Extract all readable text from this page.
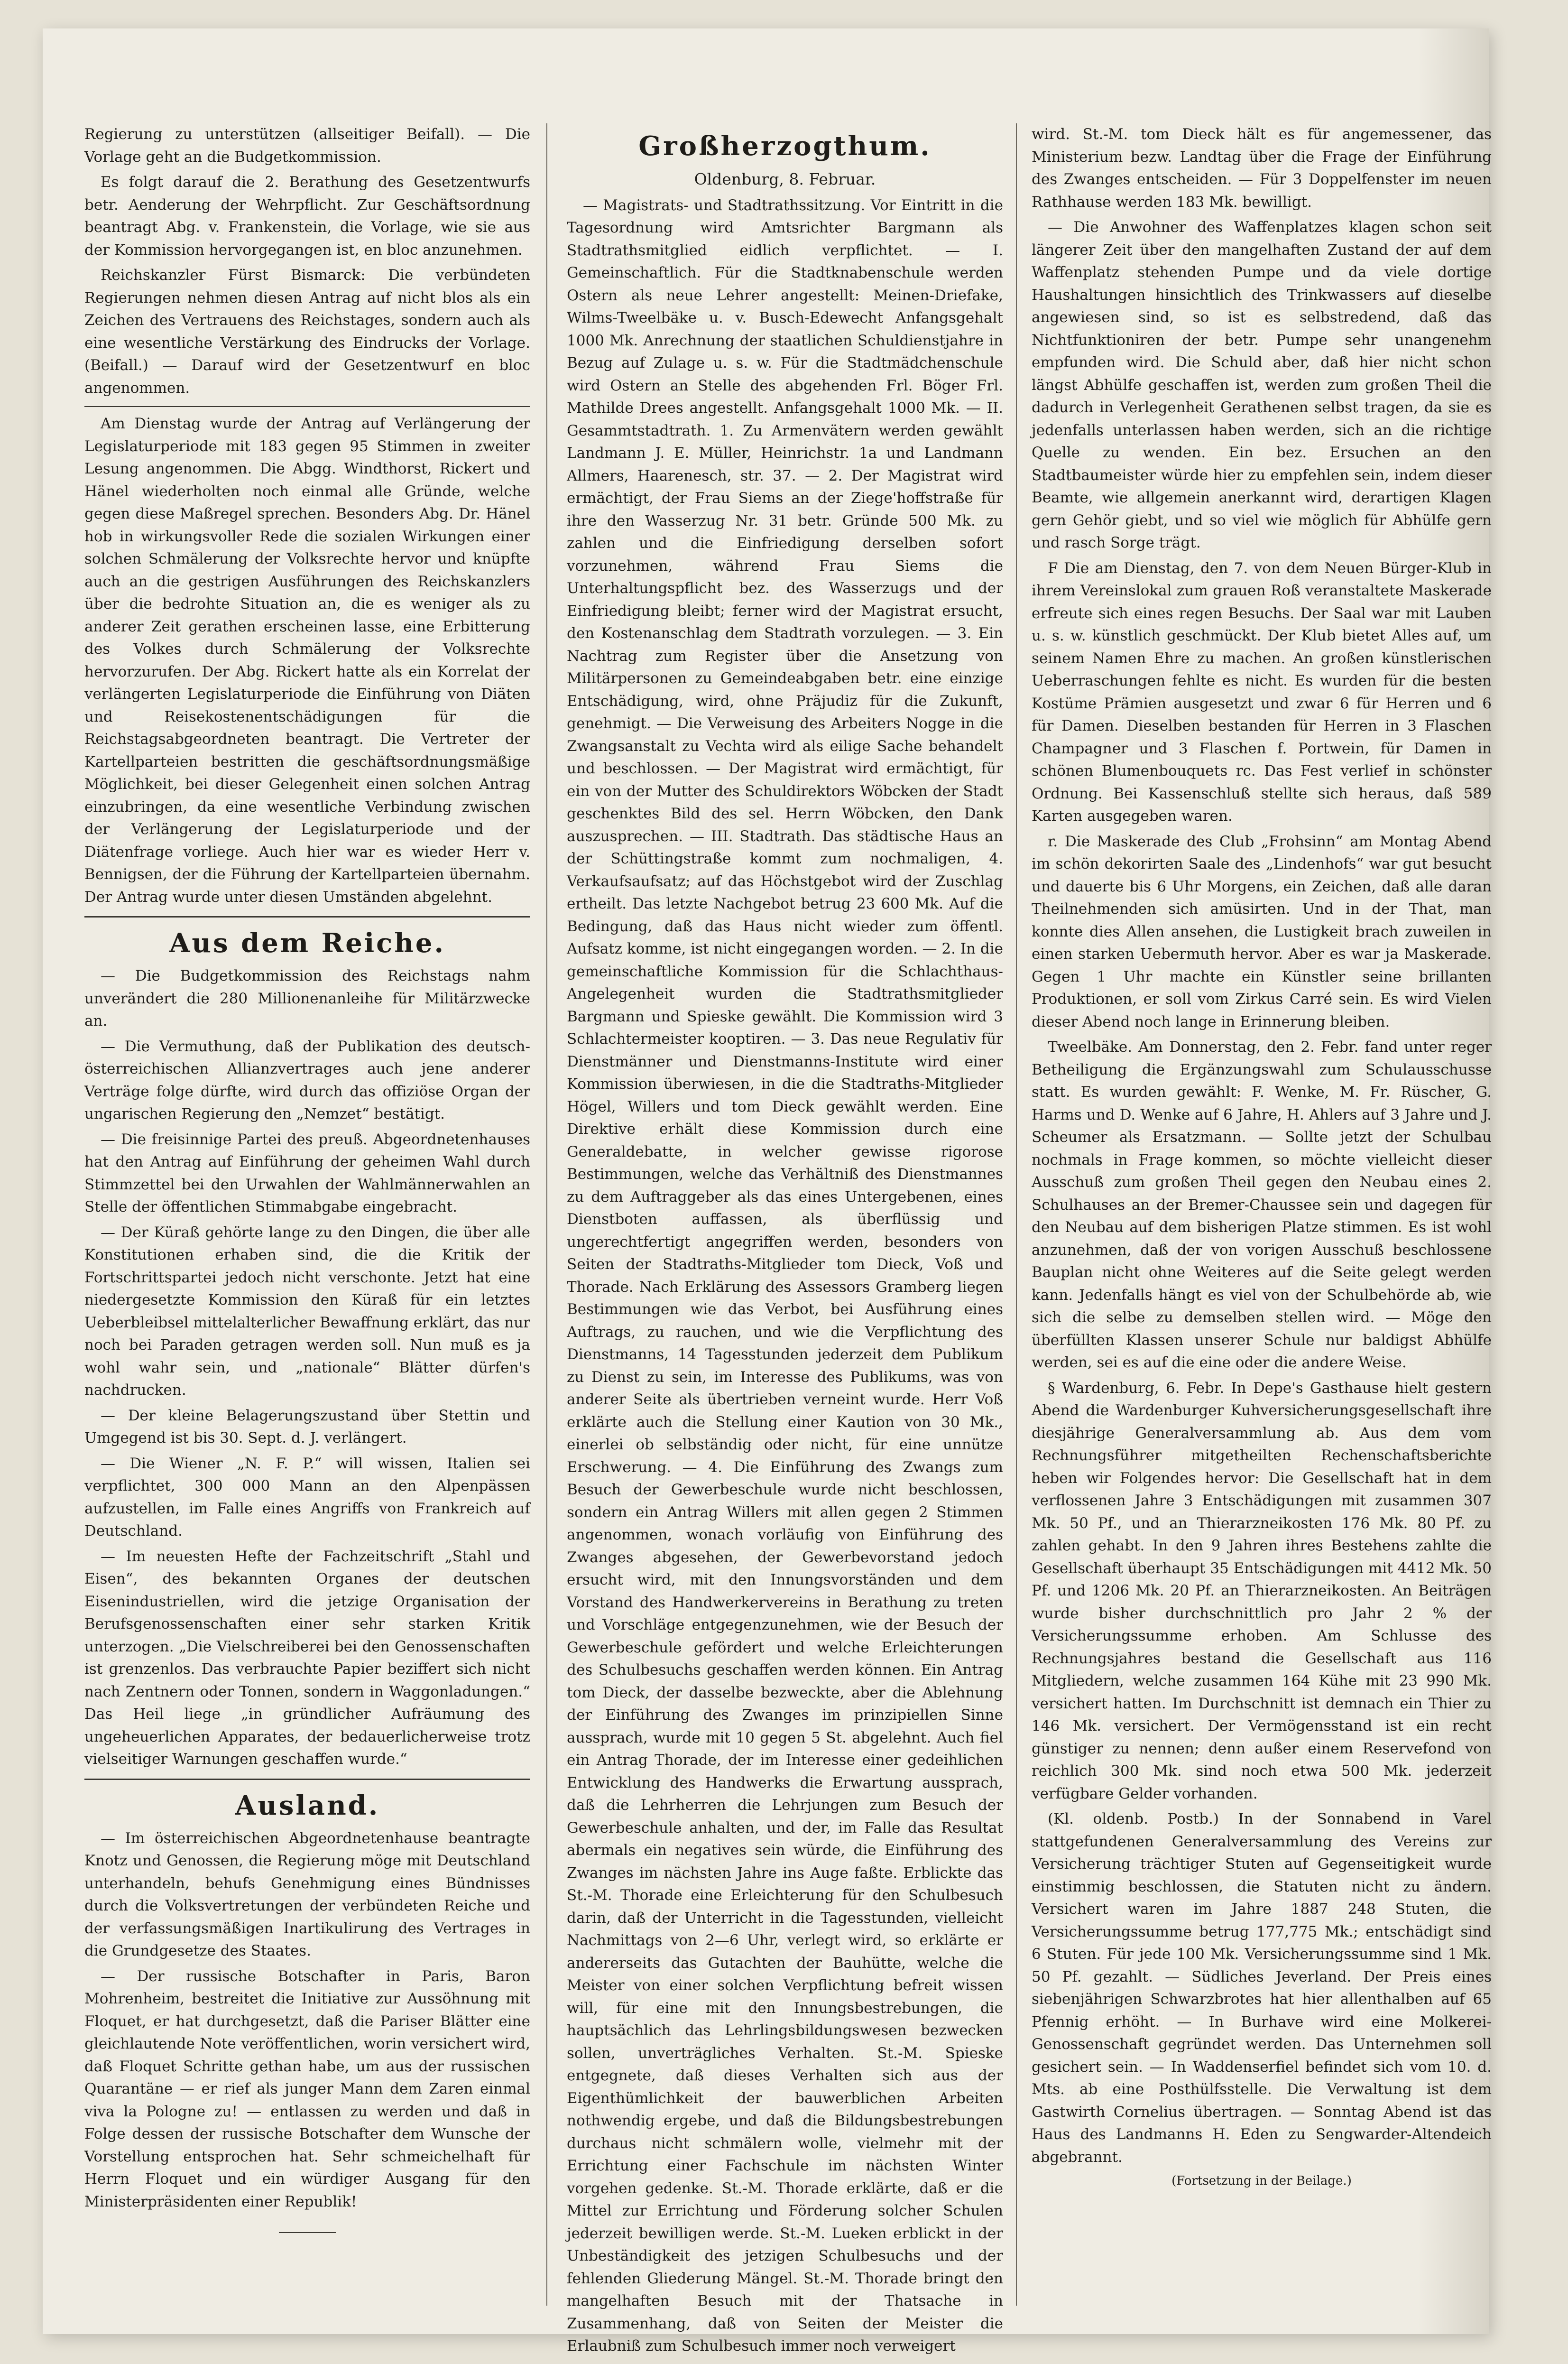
Regierung zu unterstützen (allseitiger Beifall). — Die Vorlage geht an die Budgetkommission.

Es folgt darauf die 2. Berathung des Gesetzentwurfs betr. Aenderung der Wehrpflicht. Zur Geschäftsordnung beantragt Abg. v. Frankenstein, die Vorlage, wie sie aus der Kommission hervorgegangen ist, en bloc anzunehmen.

Reichskanzler Fürst Bismarck: Die verbündeten Regierungen nehmen diesen Antrag auf nicht blos als ein Zeichen des Vertrauens des Reichstages, sondern auch als eine wesentliche Verstärkung des Eindrucks der Vorlage. (Beifall.) — Darauf wird der Gesetzentwurf en bloc angenommen.

Am Dienstag wurde der Antrag auf Verlängerung der Legislaturperiode mit 183 gegen 95 Stimmen in zweiter Lesung angenommen. Die Abgg. Windthorst, Rickert und Hänel wiederholten noch einmal alle Gründe, welche gegen diese Maßregel sprechen. Besonders Abg. Dr. Hänel hob in wirkungsvoller Rede die sozialen Wirkungen einer solchen Schmälerung der Volksrechte hervor und knüpfte auch an die gestrigen Ausführungen des Reichskanzlers über die bedrohte Situation an, die es weniger als zu anderer Zeit gerathen erscheinen lasse, eine Erbitterung des Volkes durch Schmälerung der Volksrechte hervorzurufen. Der Abg. Rickert hatte als ein Korrelat der verlängerten Legislaturperiode die Einführung von Diäten und Reisekostenentschädigungen für die Reichstagsabgeordneten beantragt. Die Vertreter der Kartellparteien bestritten die geschäftsordnungsmäßige Möglichkeit, bei dieser Gelegenheit einen solchen Antrag einzubringen, da eine wesentliche Verbindung zwischen der Verlängerung der Legislaturperiode und der Diätenfrage vorliege. Auch hier war es wieder Herr v. Bennigsen, der die Führung der Kartellparteien übernahm. Der Antrag wurde unter diesen Umständen abgelehnt.

Aus dem Reiche.

— Die Budgetkommission des Reichstags nahm unverändert die 280 Millionenanleihe für Militärzwecke an.

— Die Vermuthung, daß der Publikation des deutsch-österreichischen Allianzvertrages auch jene anderer Verträge folge dürfte, wird durch das offiziöse Organ der ungarischen Regierung den „Nemzet“ bestätigt.

— Die freisinnige Partei des preuß. Abgeordnetenhauses hat den Antrag auf Einführung der geheimen Wahl durch Stimmzettel bei den Urwahlen der Wahlmännerwahlen an Stelle der öffentlichen Stimmabgabe eingebracht.

— Der Küraß gehörte lange zu den Dingen, die über alle Konstitutionen erhaben sind, die die Kritik der Fortschrittspartei jedoch nicht verschonte. Jetzt hat eine niedergesetzte Kommission den Küraß für ein letztes Ueberbleibsel mittelalterlicher Bewaffnung erklärt, das nur noch bei Paraden getragen werden soll. Nun muß es ja wohl wahr sein, und „nationale“ Blätter dürfen's nachdrucken.

— Der kleine Belagerungszustand über Stettin und Umgegend ist bis 30. Sept. d. J. verlängert.

— Die Wiener „N. F. P.“ will wissen, Italien sei verpflichtet, 300 000 Mann an den Alpenpässen aufzustellen, im Falle eines Angriffs von Frankreich auf Deutschland.

— Im neuesten Hefte der Fachzeitschrift „Stahl und Eisen“, des bekannten Organes der deutschen Eisenindustriellen, wird die jetzige Organisation der Berufsgenossenschaften einer sehr starken Kritik unterzogen. „Die Vielschreiberei bei den Genossenschaften ist grenzenlos. Das verbrauchte Papier beziffert sich nicht nach Zentnern oder Tonnen, sondern in Waggonladungen.“ Das Heil liege „in gründlicher Aufräumung des ungeheuerlichen Apparates, der bedauerlicherweise trotz vielseitiger Warnungen geschaffen wurde.“

Ausland.

— Im österreichischen Abgeordnetenhause beantragte Knotz und Genossen, die Regierung möge mit Deutschland unterhandeln, behufs Genehmigung eines Bündnisses durch die Volksvertretungen der verbündeten Reiche und der verfassungsmäßigen Inartikulirung des Vertrages in die Grundgesetze des Staates.

— Der russische Botschafter in Paris, Baron Mohrenheim, bestreitet die Initiative zur Aussöhnung mit Floquet, er hat durchgesetzt, daß die Pariser Blätter eine gleichlautende Note veröffentlichen, worin versichert wird, daß Floquet Schritte gethan habe, um aus der russischen Quarantäne — er rief als junger Mann dem Zaren einmal viva la Pologne zu! — entlassen zu werden und daß in Folge dessen der russische Botschafter dem Wunsche der Vorstellung entsprochen hat. Sehr schmeichelhaft für Herrn Floquet und ein würdiger Ausgang für den Ministerpräsidenten einer Republik!

Großherzogthum.
Oldenburg, 8. Februar.

— Magistrats- und Stadtrathssitzung. Vor Eintritt in die Tagesordnung wird Amtsrichter Bargmann als Stadtrathsmitglied eidlich verpflichtet. — I. Gemeinschaftlich. Für die Stadtknabenschule werden Ostern als neue Lehrer angestellt: Meinen-Driefake, Wilms-Tweelbäke u. v. Busch-Edewecht Anfangsgehalt 1000 Mk. Anrechnung der staatlichen Schuldienstjahre in Bezug auf Zulage u. s. w. Für die Stadtmädchenschule wird Ostern an Stelle des abgehenden Frl. Böger Frl. Mathilde Drees angestellt. Anfangsgehalt 1000 Mk. — II. Gesammtstadtrath. 1. Zu Armenvätern werden gewählt Landmann J. E. Müller, Heinrichstr. 1a und Landmann Allmers, Haarenesch, str. 37. — 2. Der Magistrat wird ermächtigt, der Frau Siems an der Ziege'hoffstraße für ihre den Wasserzug Nr. 31 betr. Gründe 500 Mk. zu zahlen und die Einfriedigung derselben sofort vorzunehmen, während Frau Siems die Unterhaltungspflicht bez. des Wasserzugs und der Einfriedigung bleibt; ferner wird der Magistrat ersucht, den Kostenanschlag dem Stadtrath vorzulegen. — 3. Ein Nachtrag zum Register über die Ansetzung von Militärpersonen zu Gemeindeabgaben betr. eine einzige Entschädigung, wird, ohne Präjudiz für die Zukunft, genehmigt. — Die Verweisung des Arbeiters Nogge in die Zwangsanstalt zu Vechta wird als eilige Sache behandelt und beschlossen. — Der Magistrat wird ermächtigt, für ein von der Mutter des Schuldirektors Wöbcken der Stadt geschenktes Bild des sel. Herrn Wöbcken, den Dank auszusprechen. — III. Stadtrath. Das städtische Haus an der Schüttingstraße kommt zum nochmaligen, 4. Verkaufsaufsatz; auf das Höchstgebot wird der Zuschlag ertheilt. Das letzte Nachgebot betrug 23 600 Mk. Auf die Bedingung, daß das Haus nicht wieder zum öffentl. Aufsatz komme, ist nicht eingegangen worden. — 2. In die gemeinschaftliche Kommission für die Schlachthaus-Angelegenheit wurden die Stadtrathsmitglieder Bargmann und Spieske gewählt. Die Kommission wird 3 Schlachtermeister kooptiren. — 3. Das neue Regulativ für Dienstmänner und Dienstmanns-Institute wird einer Kommission überwiesen, in die die Stadtraths-Mitglieder Högel, Willers und tom Dieck gewählt werden. Eine Direktive erhält diese Kommission durch eine Generaldebatte, in welcher gewisse rigorose Bestimmungen, welche das Verhältniß des Dienstmannes zu dem Auftraggeber als das eines Untergebenen, eines Dienstboten auffassen, als überflüssig und ungerechtfertigt angegriffen werden, besonders von Seiten der Stadtraths-Mitglieder tom Dieck, Voß und Thorade. Nach Erklärung des Assessors Gramberg liegen Bestimmungen wie das Verbot, bei Ausführung eines Auftrags, zu rauchen, und wie die Verpflichtung des Dienstmanns, 14 Tagesstunden jederzeit dem Publikum zu Dienst zu sein, im Interesse des Publikums, was von anderer Seite als übertrieben verneint wurde. Herr Voß erklärte auch die Stellung einer Kaution von 30 Mk., einerlei ob selbständig oder nicht, für eine unnütze Erschwerung. — 4. Die Einführung des Zwangs zum Besuch der Gewerbeschule wurde nicht beschlossen, sondern ein Antrag Willers mit allen gegen 2 Stimmen angenommen, wonach vorläufig von Einführung des Zwanges abgesehen, der Gewerbevorstand jedoch ersucht wird, mit den Innungsvorständen und dem Vorstand des Handwerkervereins in Berathung zu treten und Vorschläge entgegenzunehmen, wie der Besuch der Gewerbeschule gefördert und welche Erleichterungen des Schulbesuchs geschaffen werden können. Ein Antrag tom Dieck, der dasselbe bezweckte, aber die Ablehnung der Einführung des Zwanges im prinzipiellen Sinne aussprach, wurde mit 10 gegen 5 St. abgelehnt. Auch fiel ein Antrag Thorade, der im Interesse einer gedeihlichen Entwicklung des Handwerks die Erwartung aussprach, daß die Lehrherren die Lehrjungen zum Besuch der Gewerbeschule anhalten, und der, im Falle das Resultat abermals ein negatives sein würde, die Einführung des Zwanges im nächsten Jahre ins Auge faßte. Erblickte das St.-M. Thorade eine Erleichterung für den Schulbesuch darin, daß der Unterricht in die Tagesstunden, vielleicht Nachmittags von 2—6 Uhr, verlegt wird, so erklärte er andererseits das Gutachten der Bauhütte, welche die Meister von einer solchen Verpflichtung befreit wissen will, für eine mit den Innungsbestrebungen, die hauptsächlich das Lehrlingsbildungswesen bezwecken sollen, unverträgliches Verhalten. St.-M. Spieske entgegnete, daß dieses Verhalten sich aus der Eigenthümlichkeit der bauwerblichen Arbeiten nothwendig ergebe, und daß die Bildungsbestrebungen durchaus nicht schmälern wolle, vielmehr mit der Errichtung einer Fachschule im nächsten Winter vorgehen gedenke. St.-M. Thorade erklärte, daß er die Mittel zur Errichtung und Förderung solcher Schulen jederzeit bewilligen werde. St.-M. Lueken erblickt in der Unbeständigkeit des jetzigen Schulbesuchs und der fehlenden Gliederung Mängel. St.-M. Thorade bringt den mangelhaften Besuch mit der Thatsache in Zusammenhang, daß von Seiten der Meister die Erlaubniß zum Schulbesuch immer noch verweigert

wird. St.-M. tom Dieck hält es für angemessener, das Ministerium bezw. Landtag über die Frage der Einführung des Zwanges entscheiden. — Für 3 Doppelfenster im neuen Rathhause werden 183 Mk. bewilligt.

— Die Anwohner des Waffenplatzes klagen schon seit längerer Zeit über den mangelhaften Zustand der auf dem Waffenplatz stehenden Pumpe und da viele dortige Haushaltungen hinsichtlich des Trinkwassers auf dieselbe angewiesen sind, so ist es selbstredend, daß das Nichtfunktioniren der betr. Pumpe sehr unangenehm empfunden wird. Die Schuld aber, daß hier nicht schon längst Abhülfe geschaffen ist, werden zum großen Theil die dadurch in Verlegenheit Gerathenen selbst tragen, da sie es jedenfalls unterlassen haben werden, sich an die richtige Quelle zu wenden. Ein bez. Ersuchen an den Stadtbaumeister würde hier zu empfehlen sein, indem dieser Beamte, wie allgemein anerkannt wird, derartigen Klagen gern Gehör giebt, und so viel wie möglich für Abhülfe gern und rasch Sorge trägt.

F Die am Dienstag, den 7. von dem Neuen Bürger-Klub in ihrem Vereinslokal zum grauen Roß veranstaltete Maskerade erfreute sich eines regen Besuchs. Der Saal war mit Lauben u. s. w. künstlich geschmückt. Der Klub bietet Alles auf, um seinem Namen Ehre zu machen. An großen künstlerischen Ueberraschungen fehlte es nicht. Es wurden für die besten Kostüme Prämien ausgesetzt und zwar 6 für Herren und 6 für Damen. Dieselben bestanden für Herren in 3 Flaschen Champagner und 3 Flaschen f. Portwein, für Damen in schönen Blumenbouquets rc. Das Fest verlief in schönster Ordnung. Bei Kassenschluß stellte sich heraus, daß 589 Karten ausgegeben waren.

r. Die Maskerade des Club „Frohsinn“ am Montag Abend im schön dekorirten Saale des „Lindenhofs“ war gut besucht und dauerte bis 6 Uhr Morgens, ein Zeichen, daß alle daran Theilnehmenden sich amüsirten. Und in der That, man konnte dies Allen ansehen, die Lustigkeit brach zuweilen in einen starken Uebermuth hervor. Aber es war ja Maskerade. Gegen 1 Uhr machte ein Künstler seine brillanten Produktionen, er soll vom Zirkus Carré sein. Es wird Vielen dieser Abend noch lange in Erinnerung bleiben.

Tweelbäke. Am Donnerstag, den 2. Febr. fand unter reger Betheiligung die Ergänzungswahl zum Schulausschusse statt. Es wurden gewählt: F. Wenke, M. Fr. Rüscher, G. Harms und D. Wenke auf 6 Jahre, H. Ahlers auf 3 Jahre und J. Scheumer als Ersatzmann. — Sollte jetzt der Schulbau nochmals in Frage kommen, so möchte vielleicht dieser Ausschuß zum großen Theil gegen den Neubau eines 2. Schulhauses an der Bremer-Chaussee sein und dagegen für den Neubau auf dem bisherigen Platze stimmen. Es ist wohl anzunehmen, daß der von vorigen Ausschuß beschlossene Bauplan nicht ohne Weiteres auf die Seite gelegt werden kann. Jedenfalls hängt es viel von der Schulbehörde ab, wie sich die selbe zu demselben stellen wird. — Möge den überfüllten Klassen unserer Schule nur baldigst Abhülfe werden, sei es auf die eine oder die andere Weise.

§ Wardenburg, 6. Febr. In Depe's Gasthause hielt gestern Abend die Wardenburger Kuhversicherungsgesellschaft ihre diesjährige Generalversammlung ab. Aus dem vom Rechnungsführer mitgetheilten Rechenschaftsberichte heben wir Folgendes hervor: Die Gesellschaft hat in dem verflossenen Jahre 3 Entschädigungen mit zusammen 307 Mk. 50 Pf., und an Thierarzneikosten 176 Mk. 80 Pf. zu zahlen gehabt. In den 9 Jahren ihres Bestehens zahlte die Gesellschaft überhaupt 35 Entschädigungen mit 4412 Mk. 50 Pf. und 1206 Mk. 20 Pf. an Thierarzneikosten. An Beiträgen wurde bisher durchschnittlich pro Jahr 2 % der Versicherungssumme erhoben. Am Schlusse des Rechnungsjahres bestand die Gesellschaft aus 116 Mitgliedern, welche zusammen 164 Kühe mit 23 990 Mk. versichert hatten. Im Durchschnitt ist demnach ein Thier zu 146 Mk. versichert. Der Vermögensstand ist ein recht günstiger zu nennen; denn außer einem Reservefond von reichlich 300 Mk. sind noch etwa 500 Mk. jederzeit verfügbare Gelder vorhanden.

(Kl. oldenb. Postb.) In der Sonnabend in Varel stattgefundenen Generalversammlung des Vereins zur Versicherung trächtiger Stuten auf Gegenseitigkeit wurde einstimmig beschlossen, die Statuten nicht zu ändern. Versichert waren im Jahre 1887 248 Stuten, die Versicherungssumme betrug 177,775 Mk.; entschädigt sind 6 Stuten. Für jede 100 Mk. Versicherungssumme sind 1 Mk. 50 Pf. gezahlt. — Südliches Jeverland. Der Preis eines siebenjährigen Schwarzbrotes hat hier allenthalben auf 65 Pfennig erhöht. — In Burhave wird eine Molkerei-Genossenschaft gegründet werden. Das Unternehmen soll gesichert sein. — In Waddenserfiel befindet sich vom 10. d. Mts. ab eine Posthülfsstelle. Die Verwaltung ist dem Gastwirth Cornelius übertragen. — Sonntag Abend ist das Haus des Landmanns H. Eden zu Sengwarder-Altendeich abgebrannt.

(Fortsetzung in der Beilage.)
